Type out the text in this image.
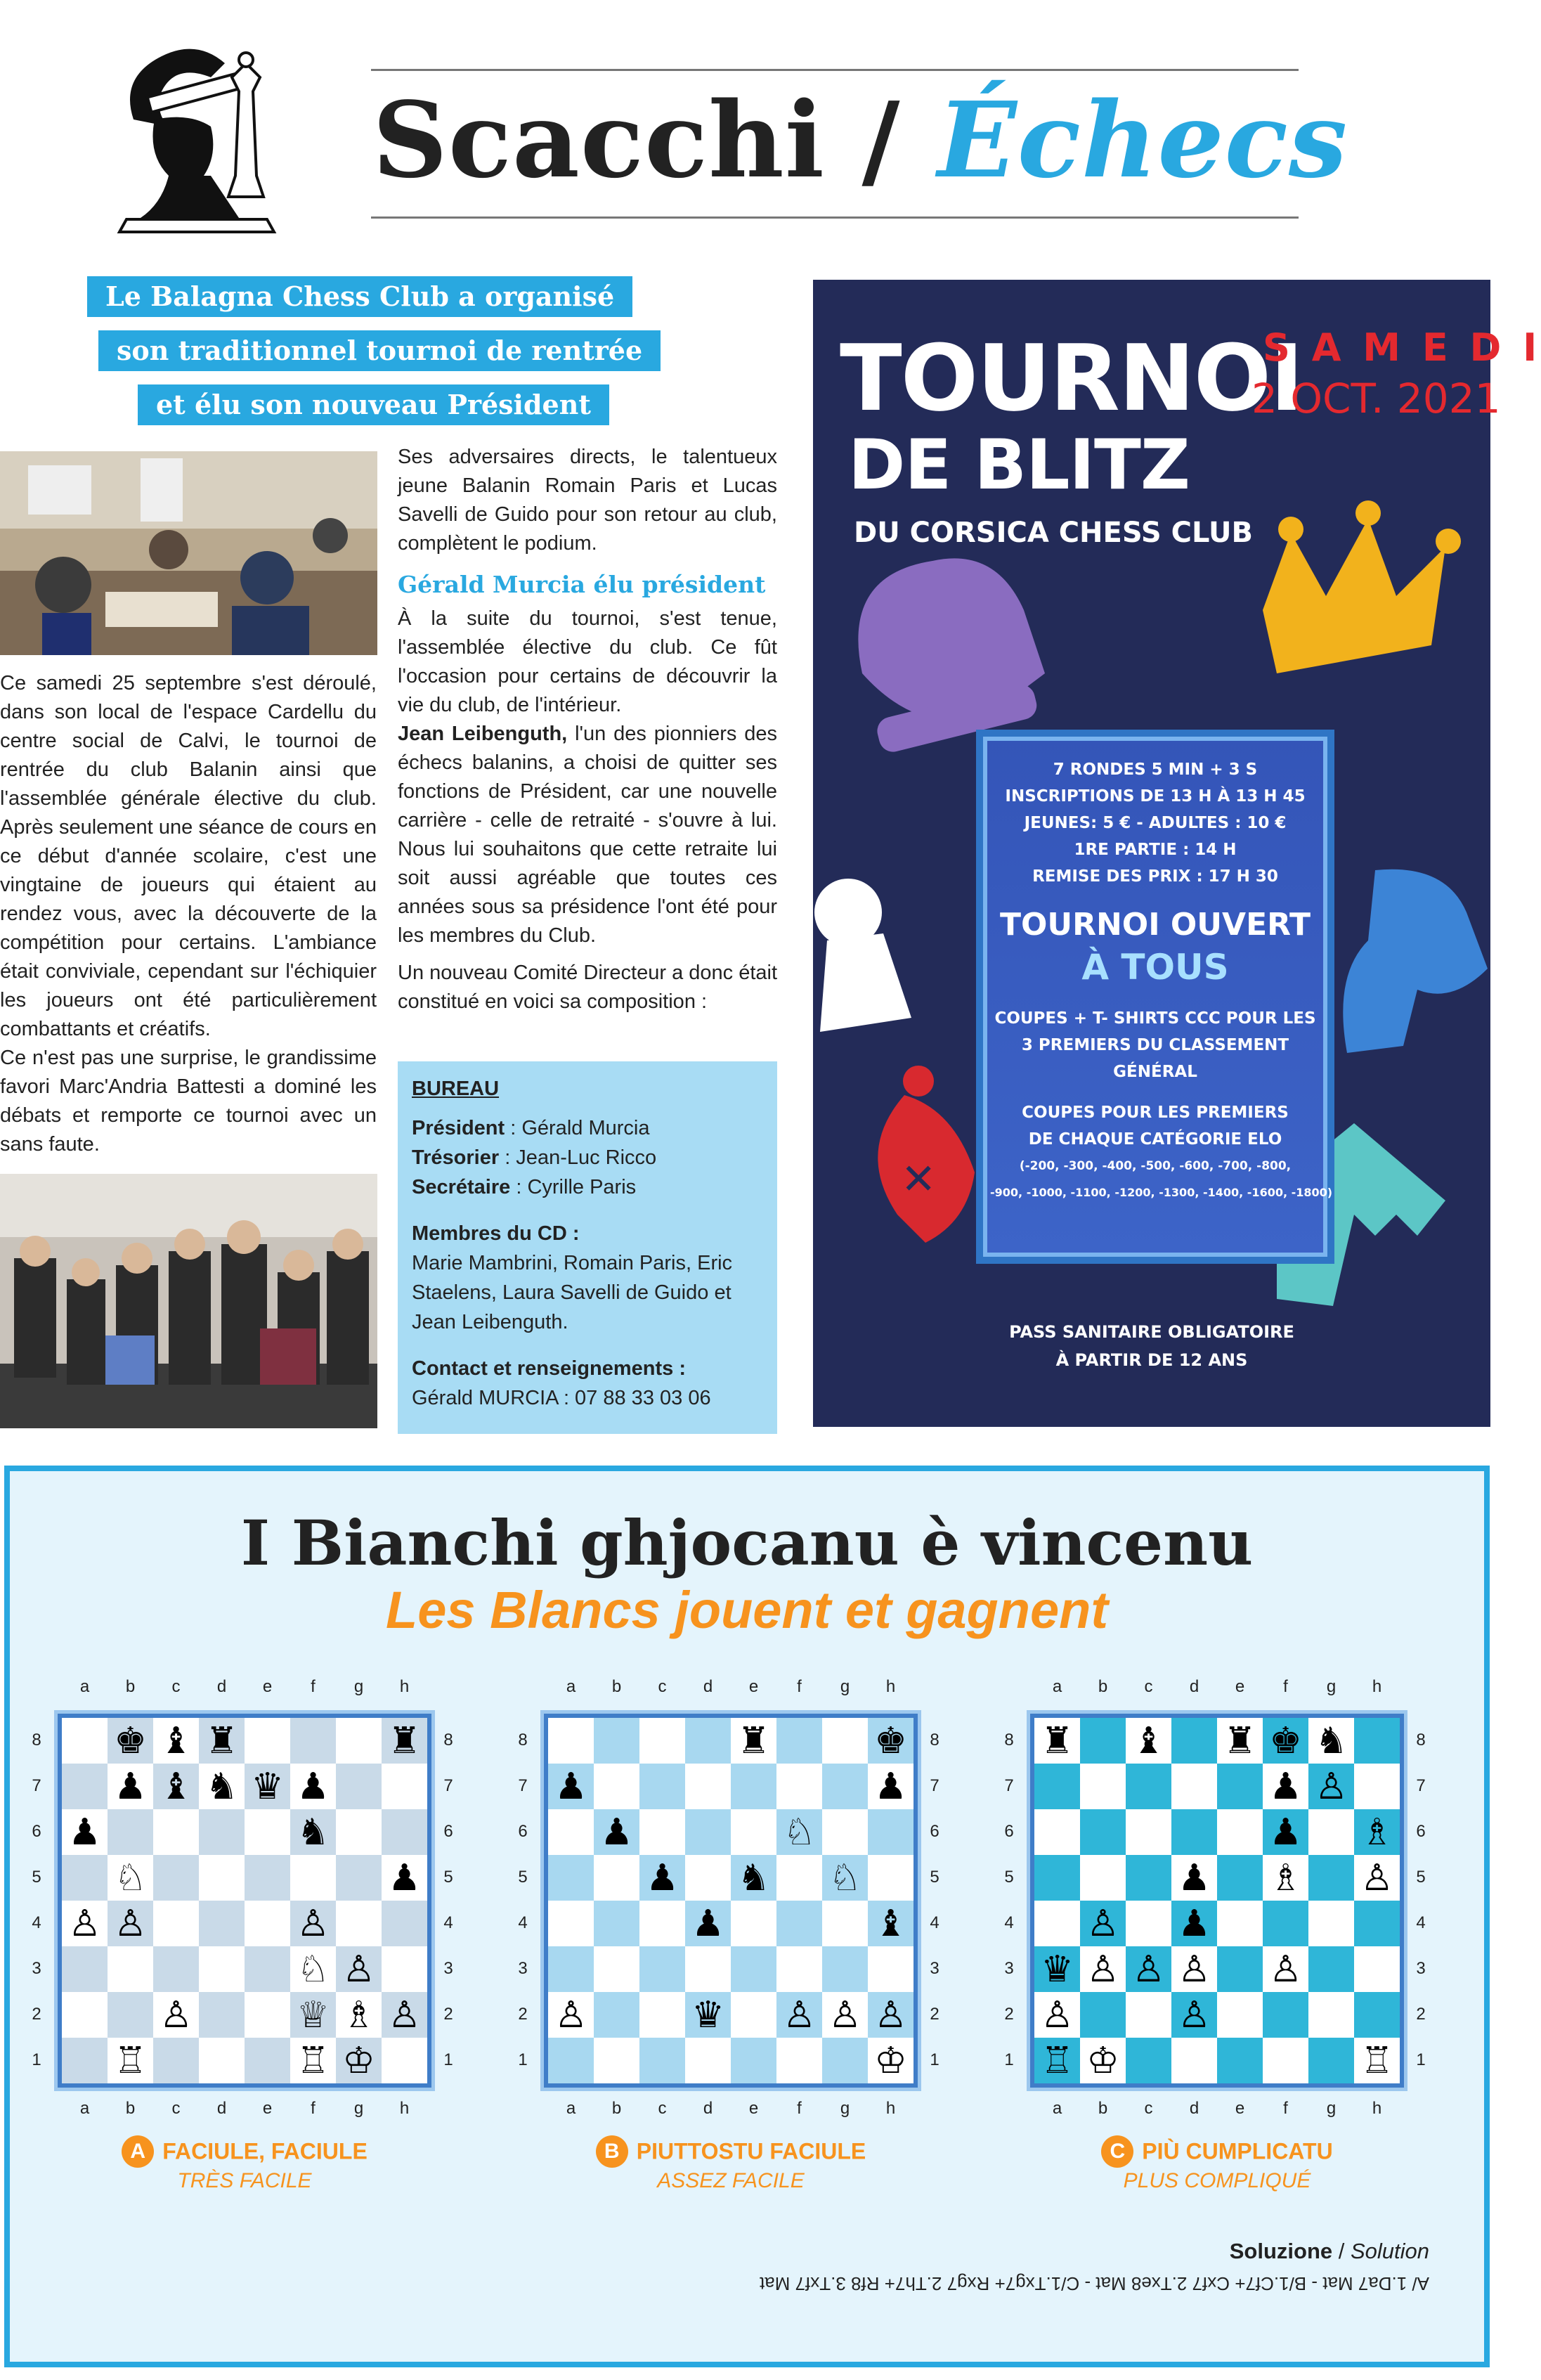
Scacchi / Échecs
Le Balagna Chess Club a organisé
son traditionnel tournoi de rentrée
et élu son nouveau Président

Ce samedi 25 septembre s'est déroulé, dans son local de l'espace Cardellu du centre social de Calvi, le tournoi de rentrée du club Balanin ainsi que l'assemblée générale élective du club. Après seulement une séance de cours en ce début d'année scolaire, c'est une vingtaine de joueurs qui étaient au rendez vous, avec la découverte de la compétition pour certains. L'ambiance était conviviale, cependant sur l'échiquier les joueurs ont été particulièrement combattants et créatifs.

Ce n'est pas une surprise, le grandissime favori Marc'Andria Battesti a dominé les débats et remporte ce tournoi avec un sans faute.

Ses adversaires directs, le talentueux jeune Balanin Romain Paris et Lucas Savelli de Guido pour son retour au club, complètent le podium.

Gérald Murcia élu président

À la suite du tournoi, s'est tenue, l'assemblée élective du club. Ce fût l'occasion pour certains de découvrir la vie du club, de l'intérieur.

Jean Leibenguth, l'un des pionniers des échecs balanins, a choisi de quitter ses fonctions de Président, car une nouvelle carrière - celle de retraité - s'ouvre à lui. Nous lui souhaitons que cette retraite lui soit aussi agréable que toutes ces années sous sa présidence l'ont été pour les membres du Club.

Un nouveau Comité Directeur a donc était constitué en voici sa composition :

BUREAU
Président : Gérald Murcia
Trésorier : Jean-Luc Ricco
Secrétaire : Cyrille Paris
Membres du CD :
Marie Mambrini, Romain Paris, Eric Staelens, Laura Savelli de Guido et Jean Leibenguth.
Contact et renseignements :
Gérald MURCIA : 07 88 33 03 06
✕
TOURNOI
DE BLITZ
DU CORSICA CHESS CLUB
S A M E D I
2 OCT. 2021
7 RONDES 5 MIN + 3 S
INSCRIPTIONS DE 13 H À 13 H 45
JEUNES: 5 € - ADULTES : 10 €
1RE PARTIE : 14 H
REMISE DES PRIX : 17 H 30
TOURNOI OUVERT
À TOUS
COUPES + T- SHIRTS CCC POUR LES
3 PREMIERS DU CLASSEMENT GÉNÉRAL
COUPES POUR LES PREMIERS
DE CHAQUE CATÉGORIE ELO
(-200, -300, -400, -500, -600, -700, -800,
-900, -1000, -1100, -1200, -1300, -1400, -1600, -1800)
PASS SANITAIRE OBLIGATOIRE
À PARTIR DE 12 ANS
I Bianchi ghjocanu è vincenu
Les Blancs jouent et gagnent
Soluzione / Solution
A/ 1.Da7 Mat - B/1.Cf7+ Cxf7 2.Txe8 Mat - C/1.Txg7+ Rxg7 2.Th7+ Rf8 3.Txf7 Mat
a
a
b
b
c
c
d
d
e
e
f
f
g
g
h
h
8	8
7	7
6	6
5	5
4	4
3	3
2	2
1	1
♚ ♝ ♜	♜
♟ ♝ ♞ ♛ ♟
♟	♞
♘	♟
♙ ♙	♙
♘ ♙
♙	♕ ♗ ♙
♖	♖ ♔
A FACIULE, FACIULE
TRÈS FACILE
a
a
b
b
c
c
d
d
e
e
f
f
g
g
h
h
8	8
7	7
6	6
5	5
4	4
3	3
2	2
1	1
♜	♚
♟	♟
♟	♘
♟ ♞ ♘
♟	♝
♙	♛ ♙ ♙ ♙
♔
B PIUTTOSTU FACIULE
ASSEZ FACILE
a
a
b
b
c
c
d
d
e
e
f
f
g
g
h
h
8	8
7	7
6	6
5	5
4	4
3	3
2	2
1	1
♜ ♝ ♜ ♚ ♞
♟ ♙
♟ ♗
♟ ♗ ♙
♙ ♟
♛ ♙ ♙ ♙ ♙
♙	♙
♖ ♔	♖
C PIÙ CUMPLICATU
PLUS COMPLIQUÉ
